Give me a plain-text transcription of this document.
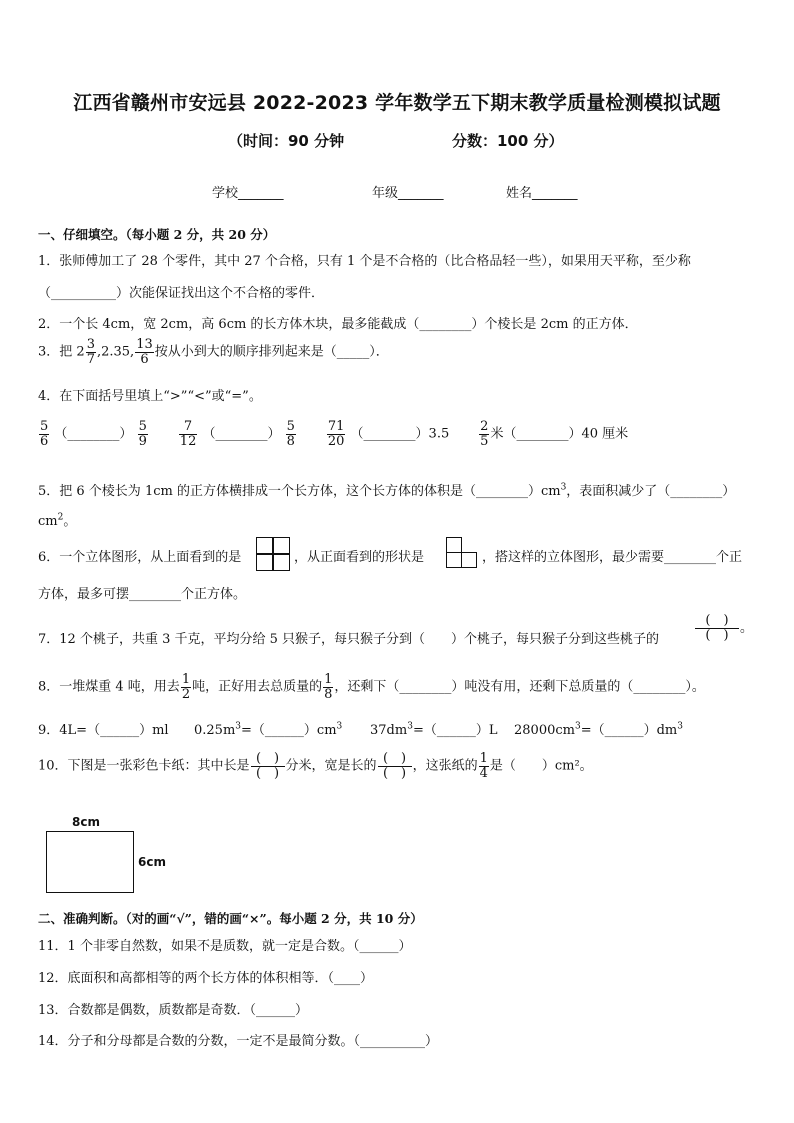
江西省赣州市安远县 2022-2023 学年数学五下期末教学质量检测模拟试题
（时间：90 分钟	分数：100 分）
学校_______	年级_______	姓名_______
一、仔细填空。（每小题 2 分，共 20 分）
1．张师傅加工了 28 个零件，其中 27 个合格，只有 1 个是不合格的（比合格品轻一些），如果用天平称，至少称
（__________）次能保证找出这个不合格的零件．
2．一个长 4cm，宽 2cm，高 6cm 的长方体木块，最多能截成（________）个棱长是 2cm 的正方体．
3．把 $2 \frac{3}{7} ,2.35$, $\frac{13}{6}$ 按从小到大的顺序排列起来是（_____）．
4．在下面括号里填上“>”“<”或“=”。
$\frac{5}{6}$ （________） $\frac{5}{9}$
$\frac{7}{12}$ （________） $\frac{5}{8}$
$\frac{71}{20}$ （________）3.5 $\frac{2}{5}$ 米（________）40 厘米
5．把 6 个棱长为 1cm 的正方体横排成一个长方体，这个长方体的体积是$(\_\_\_\_\_\_\_\_)cm^3$，表面积减少了（________）
$cm^2$。
6．一个立体图形，从上面看到的是	，从正面看到的形状是	，搭这样的立体图形，最少需要________个正
方体，最多可摆________个正方体。
7．12 个桃子，共重 3 千克，平均分给 5 只猴子，每只猴子分到（　　）个桃子，每只猴子分到这些桃子的	$\frac{( )}{( )}$ 。
8．一堆煤重 4 吨，用去 $\frac{1}{2}$ 吨，正好用去总质量的 $\frac{1}{8}$ ，还剩下（________）吨没有用，还剩下总质量的（________）。
9．4L=（______）ml $0.25m^3=(\_\_\_\_\_\_)cm^3$ $37dm^3=(\_\_\_\_\_\_)L$ $28000cm^3=(\_\_\_\_\_\_)dm^3$
10．下图是一张彩色卡纸：其中长是 $\frac{( )}{( )}$ 分米，宽是长的 $\frac{( )}{( )}$ ，这张纸的 $\frac{1}{4}$ 是（　　）cm²。
8cm
6cm
二、准确判断。（对的画“√”，错的画“×”。每小题 2 分，共 10 分）
11．1 个非零自然数，如果不是质数，就一定是合数。（______）
12．底面积和高都相等的两个长方体的体积相等．（____）
13．合数都是偶数，质数都是奇数．（______）
14．分子和分母都是合数的分数，一定不是最简分数。（__________）
